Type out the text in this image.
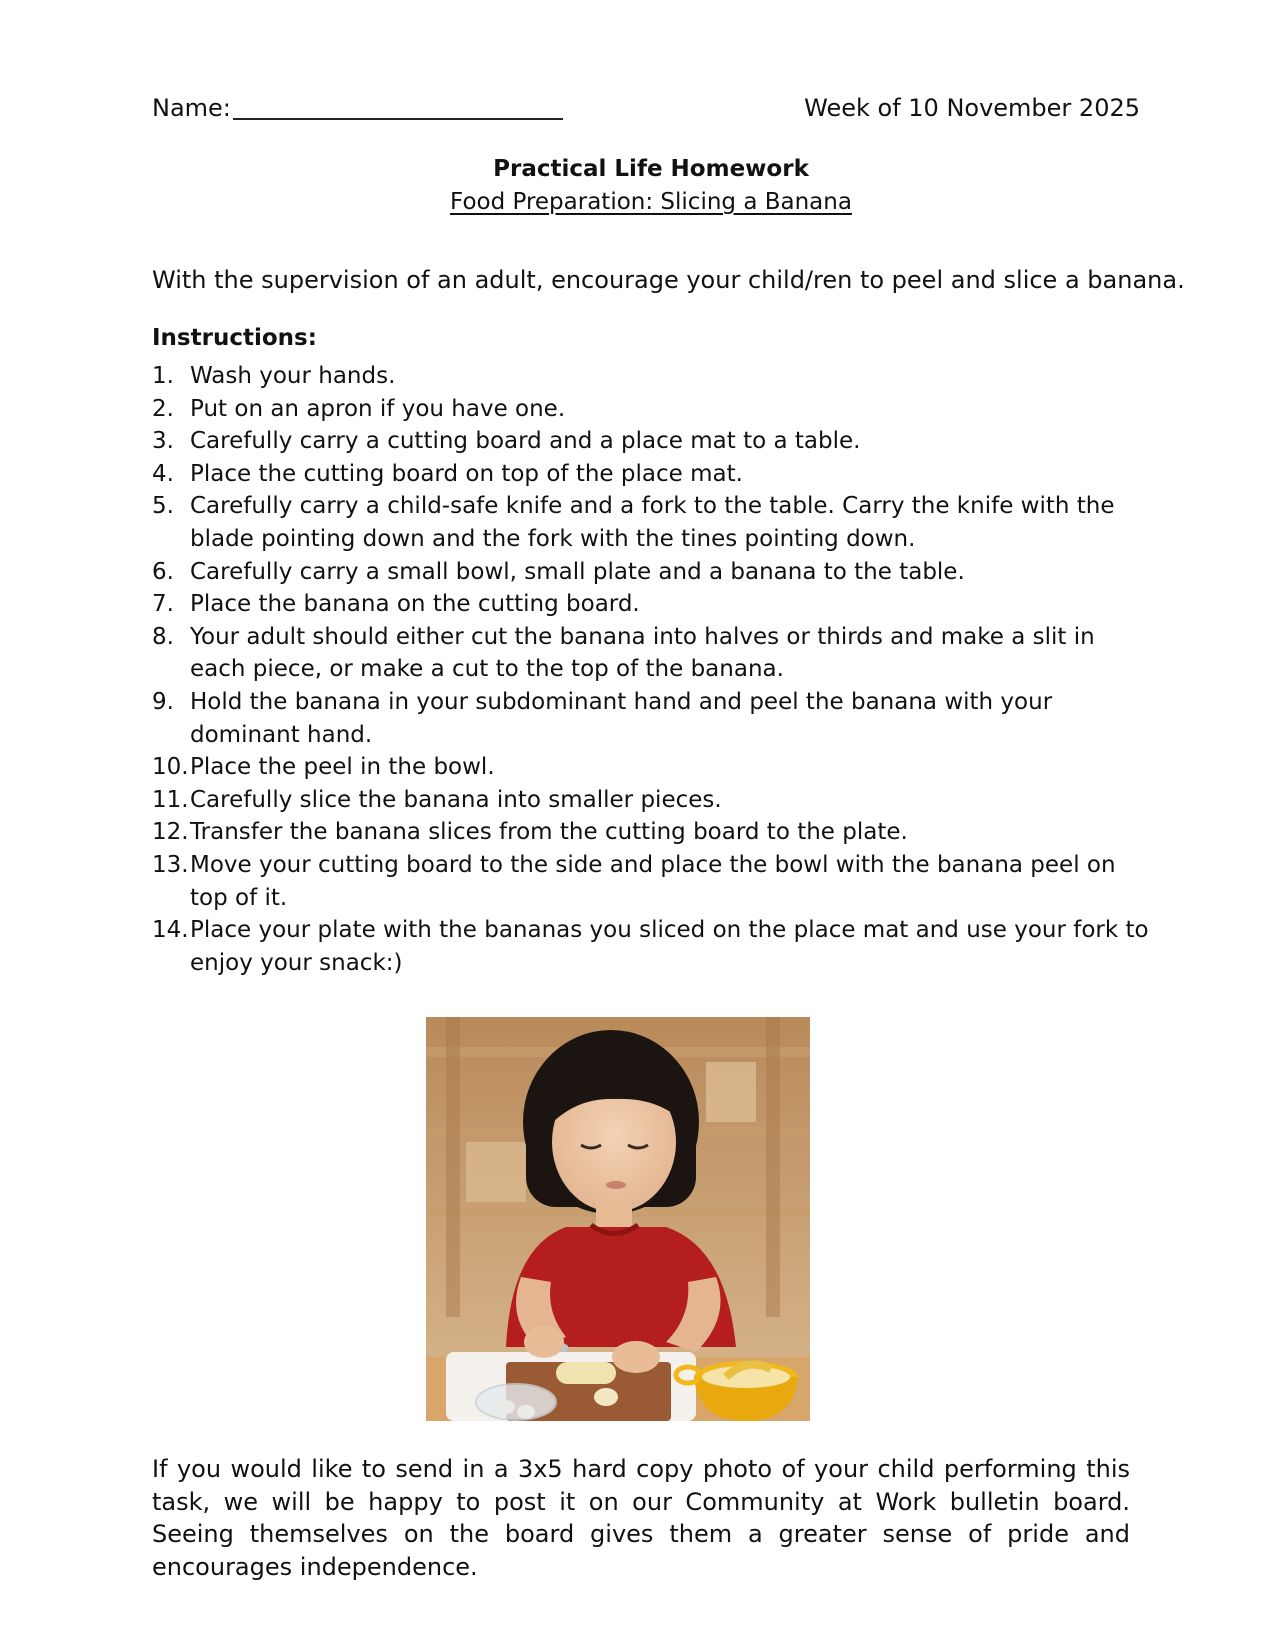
Name:	Week of 10 November 2025
Practical Life Homework
Food Preparation: Slicing a Banana
With the supervision of an adult, encourage your child/ren to peel and slice a banana.
Instructions:
1. Wash your hands.
2. Put on an apron if you have one.
3. Carefully carry a cutting board and a place mat to a table.
4. Place the cutting board on top of the place mat.
5. Carefully carry a child-safe knife and a fork to the table. Carry the knife with the blade pointing down and the fork with the tines pointing down.
6. Carefully carry a small bowl, small plate and a banana to the table.
7. Place the banana on the cutting board.
8. Your adult should either cut the banana into halves or thirds and make a slit in each piece, or make a cut to the top of the banana.
9. Hold the banana in your subdominant hand and peel the banana with your dominant hand.
10. Place the peel in the bowl.
11. Carefully slice the banana into smaller pieces.
12. Transfer the banana slices from the cutting board to the plate.
13. Move your cutting board to the side and place the bowl with the banana peel on top of it.
14. Place your plate with the bananas you sliced on the place mat and use your fork to enjoy your snack:)
If you would like to send in a 3x5 hard copy photo of your child performing this task, we will be happy to post it on our Community at Work bulletin board. Seeing themselves on the board gives them a greater sense of pride and encourages independence.
